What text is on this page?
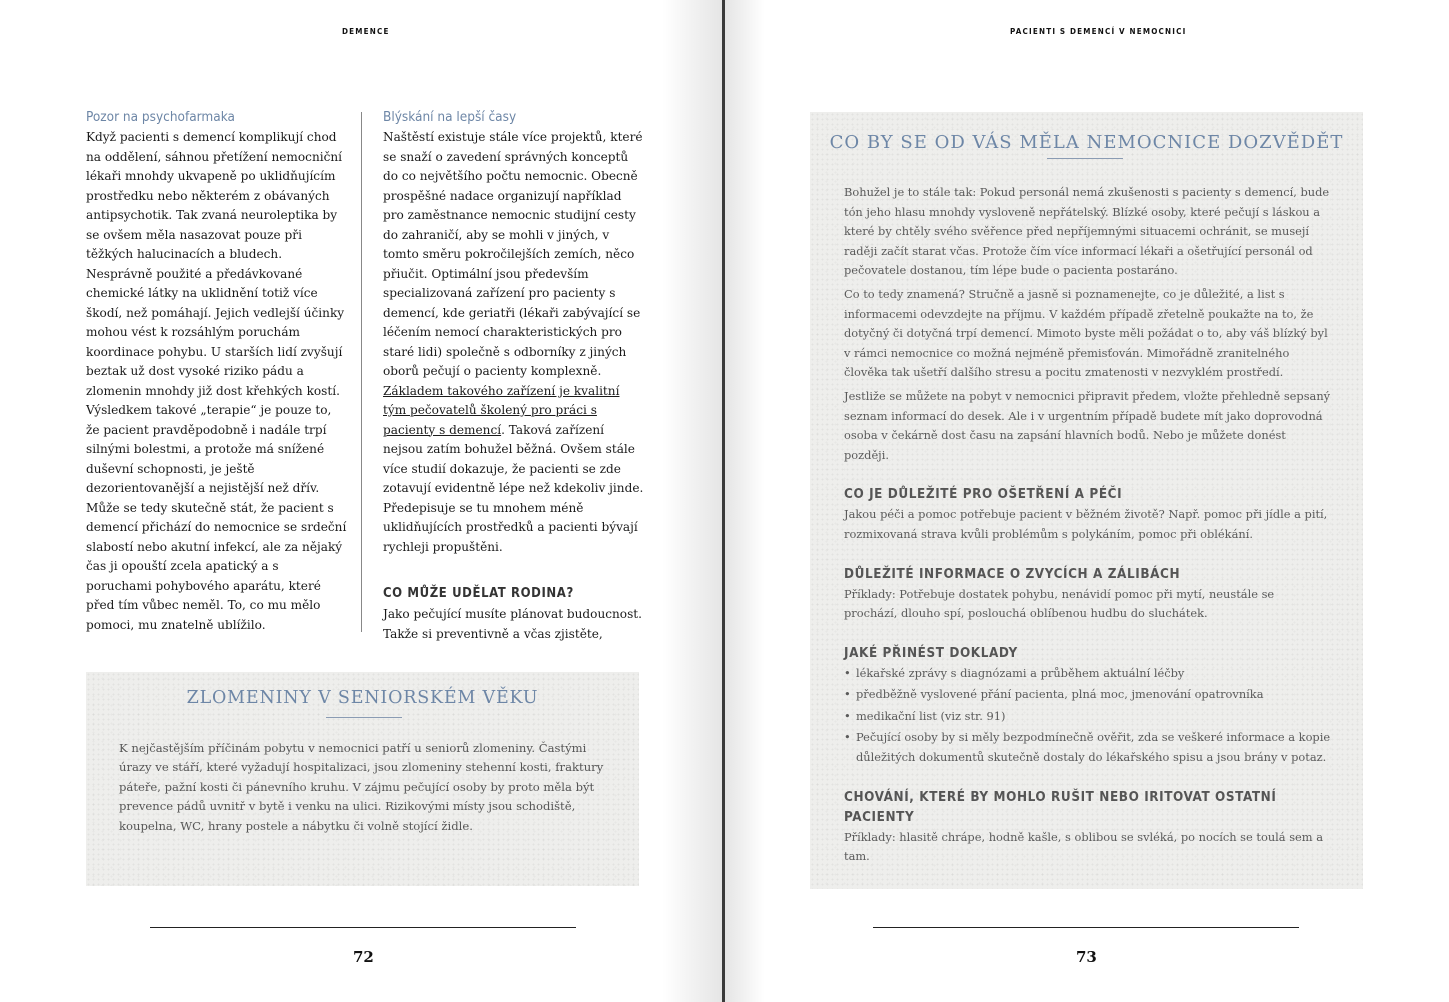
DEMENCE
Pozor na psychofarmaka

Když pacienti s demencí komplikují chod na oddělení, sáhnou přetížení nemocniční lékaři mnohdy ukvapeně po uklidňujícím prostředku nebo některém z obávaných antipsychotik. Tak zvaná neuroleptika by se ovšem měla nasazovat pouze při těžkých halucinacích a bludech. Nesprávně použité a předávkované chemické látky na uklidnění totiž více škodí, než pomáhají. Jejich vedlejší účinky mohou vést k rozsáhlým poruchám koordinace pohybu. U starších lidí zvyšují beztak už dost vysoké riziko pádu a zlomenin mnohdy již dost křehkých kostí. Výsledkem takové „terapie“ je pouze to, že pacient pravděpodobně i nadále trpí silnými bolestmi, a protože má snížené duševní schopnosti, je ještě dezorientovanější a nejistější než dřív. Může se tedy skutečně stát, že pacient s demencí přichází do nemocnice se srdeční slabostí nebo akutní infekcí, ale za nějaký čas ji opouští zcela apatický a s poruchami pohybového aparátu, které před tím vůbec neměl. To, co mu mělo pomoci, mu znatelně ublížilo.

Blýskání na lepší časy

Naštěstí existuje stále více projektů, které se snaží o zavedení správných konceptů do co největšího počtu nemocnic. Obecně prospěšné nadace organizují například pro zaměstnance nemocnic studijní cesty do zahraničí, aby se mohli v jiných, v tomto směru pokročilejších zemích, něco přiučit. Optimální jsou především specializovaná zařízení pro pacienty s demencí, kde geriatři (lékaři zabývající se léčením nemocí charakteristických pro staré lidi) společně s odborníky z jiných oborů pečují o pacienty komplexně. Základem takového zařízení je kvalitní tým pečovatelů školený pro práci s pacienty s demencí. Taková zařízení nejsou zatím bohužel běžná. Ovšem stále více studií dokazuje, že pacienti se zde zotavují evidentně lépe než kdekoliv jinde. Předepisuje se tu mnohem méně uklidňujících prostředků a pacienti bývají rychleji propuštěni.

CO MŮŽE UDĚLAT RODINA?

Jako pečující musíte plánovat budoucnost. Takže si preventivně a včas zjistěte,

ZLOMENINY V SENIORSKÉM VĚKU
K nejčastějším příčinám pobytu v nemocnici patří u seniorů zlomeniny. Častými úrazy ve stáří, které vyžadují hospitalizaci, jsou zlomeniny stehenní kosti, fraktury páteře, pažní kosti či pánevního kruhu. V zájmu pečující osoby by proto měla být prevence pádů uvnitř v bytě i venku na ulici. Rizikovými místy jsou schodiště, koupelna, WC, hrany postele a nábytku či volně stojící židle.
72
PACIENTI S DEMENCÍ V NEMOCNICI
CO BY SE OD VÁS MĚLA NEMOCNICE DOZVĚDĚT

Bohužel je to stále tak: Pokud personál nemá zkušenosti s pacienty s demencí, bude tón jeho hlasu mnohdy vysloveně nepřátelský. Blízké osoby, které pečují s láskou a které by chtěly svého svěřence před nepříjemnými situacemi ochránit, se musejí raději začít starat včas. Protože čím více informací lékaři a ošetřující personál od pečovatele dostanou, tím lépe bude o pacienta postaráno.

Co to tedy znamená? Stručně a jasně si poznamenejte, co je důležité, a list s informacemi odevzdejte na příjmu. V každém případě zřetelně poukažte na to, že dotyčný či dotyčná trpí demencí. Mimoto byste měli požádat o to, aby váš blízký byl v rámci nemocnice co možná nejméně přemisťován. Mimořádně zranitelného člověka tak ušetří dalšího stresu a pocitu zmatenosti v nezvyklém prostředí.

Jestliže se můžete na pobyt v nemocnici připravit předem, vložte přehledně sepsaný seznam informací do desek. Ale i v urgentním případě budete mít jako doprovodná osoba v čekárně dost času na zapsání hlavních bodů. Nebo je můžete donést později.

CO JE DŮLEŽITÉ PRO OŠETŘENÍ A PÉČI
Jakou péči a pomoc potřebuje pacient v běžném životě? Např. pomoc při jídle a pití, rozmixovaná strava kvůli problémům s polykáním, pomoc při oblékání.
DŮLEŽITÉ INFORMACE O ZVYCÍCH A ZÁLIBÁCH
Příklady: Potřebuje dostatek pohybu, nenávidí pomoc při mytí, neustále se prochází, dlouho spí, poslouchá oblíbenou hudbu do sluchátek.
JAKÉ PŘINÉST DOKLADY
• lékařské zprávy s diagnózami a průběhem aktuální léčby
• předběžně vyslovené přání pacienta, plná moc, jmenování opatrovníka
• medikační list (viz str. 91)
• Pečující osoby by si měly bezpodmínečně ověřit, zda se veškeré informace a kopie důležitých dokumentů skutečně dostaly do lékařského spisu a jsou brány v potaz.
CHOVÁNÍ, KTERÉ BY MOHLO RUŠIT NEBO IRITOVAT OSTATNÍ PACIENTY
Příklady: hlasitě chrápe, hodně kašle, s oblibou se svléká, po nocích se toulá sem a tam.
73
